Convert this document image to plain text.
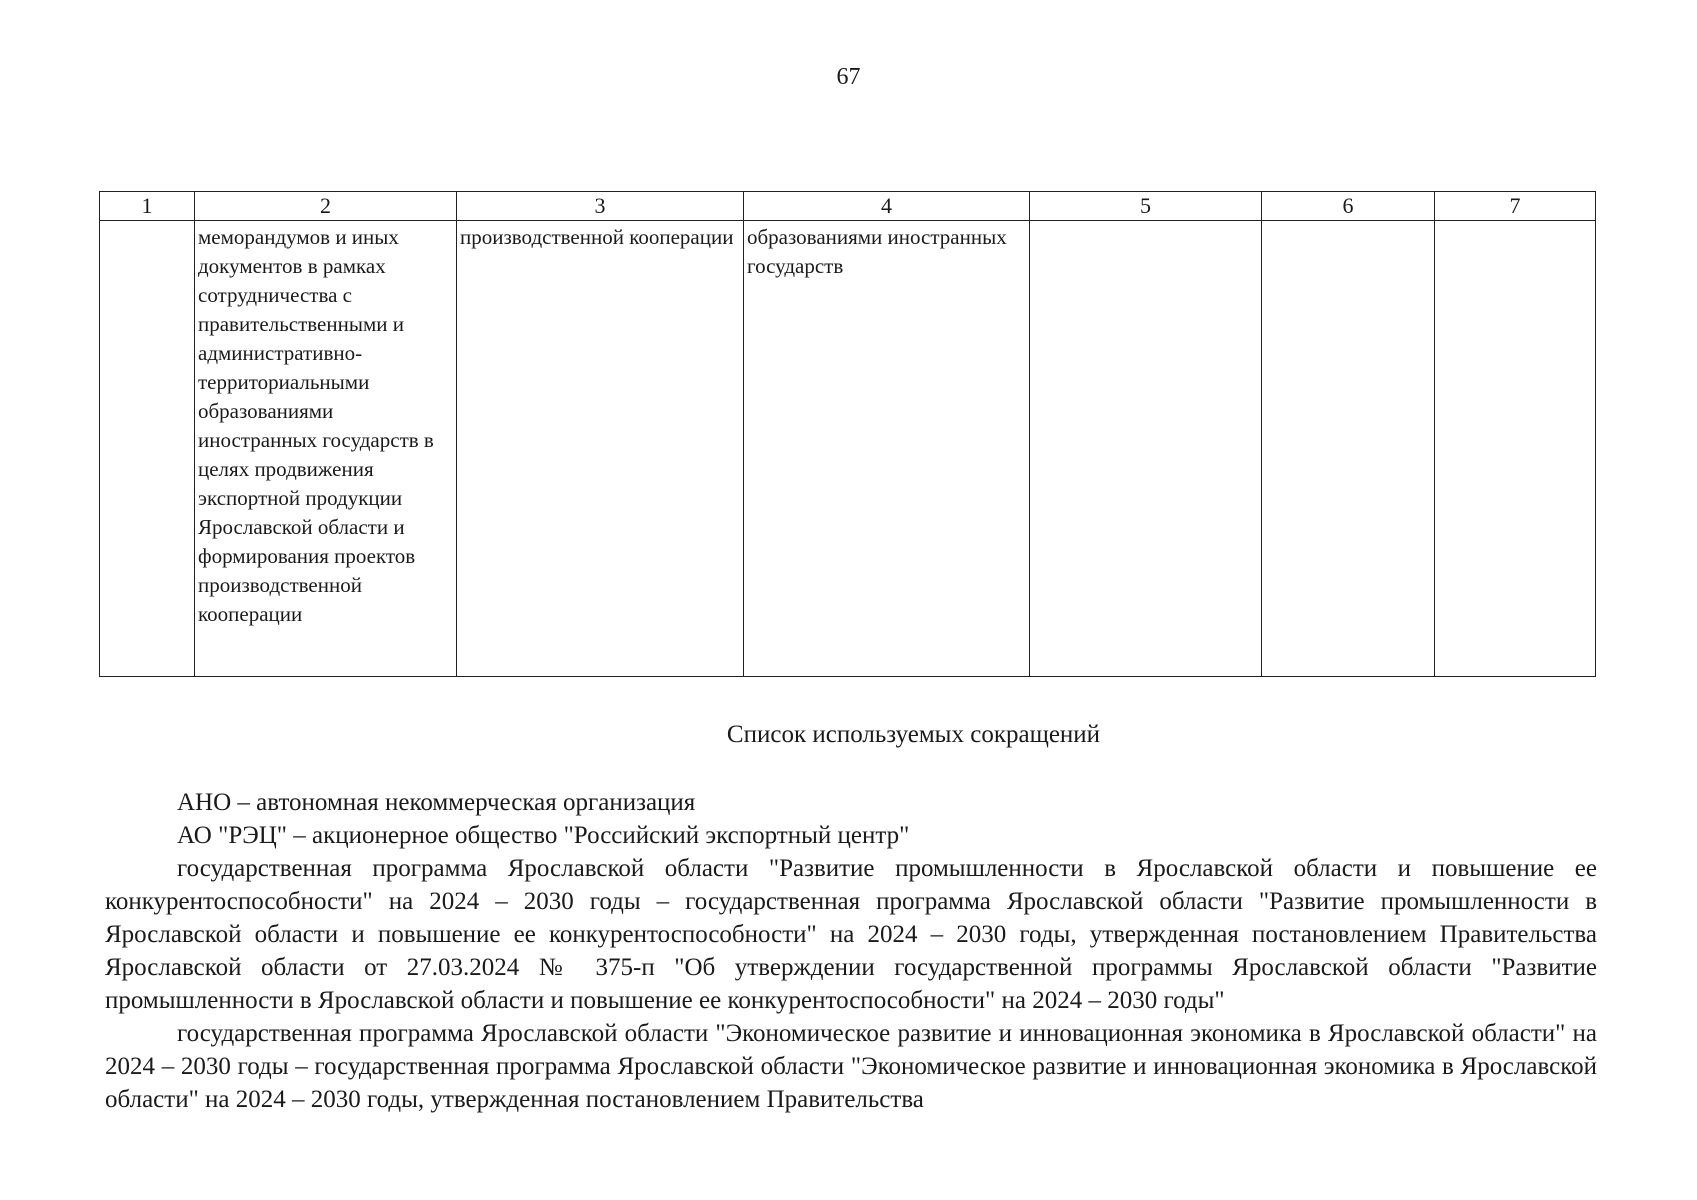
67
1	2	3	4	5	6	7
	меморандумов и иных документов в рамках сотрудничества с правительственными и административно-территориальными образованиями иностранных государств в целях продвижения экспортной продукции Ярославской области и формирования проектов производственной кооперации	производственной кооперации	образованиями иностранных государств			
Список используемых сокращений

АНО – автономная некоммерческая организация

АО "РЭЦ" – акционерное общество "Российский экспортный центр"

государственная программа Ярославской области "Развитие промышленности в Ярославской области и повышение ее конкурентоспособности" на 2024 – 2030 годы – государственная программа Ярославской области "Развитие промышленности в Ярославской области и повышение ее конкурентоспособности" на 2024 – 2030 годы, утвержденная постановлением Правительства Ярославской области от 27.03.2024 № 375-п "Об утверждении государственной программы Ярославской области "Развитие промышленности в Ярославской области и повышение ее конкурентоспособности" на 2024 – 2030 годы"

государственная программа Ярославской области "Экономическое развитие и инновационная экономика в Ярославской области" на 2024 – 2030 годы – государственная программа Ярославской области "Экономическое развитие и инновационная экономика в Ярославской области" на 2024 – 2030 годы, утвержденная постановлением Правительства
